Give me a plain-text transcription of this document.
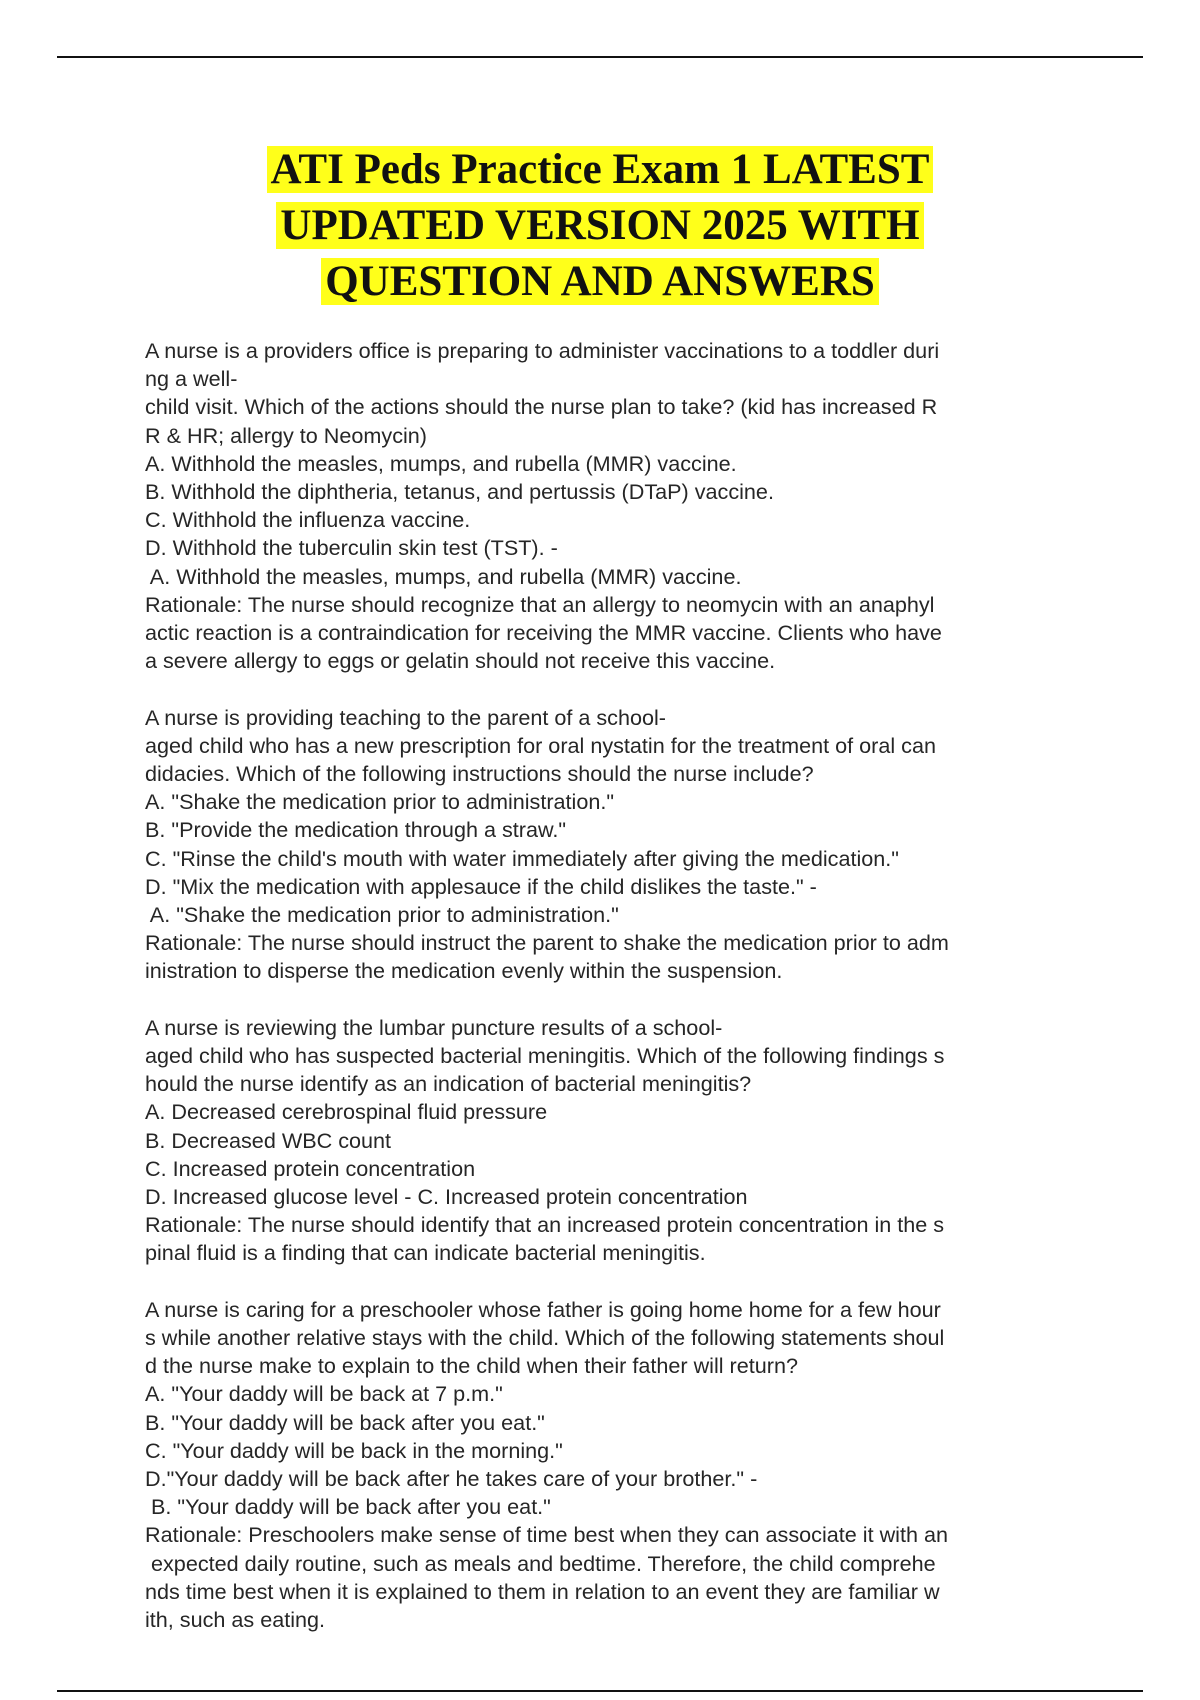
ATI Peds Practice Exam 1 LATEST
UPDATED VERSION 2025 WITH
QUESTION AND ANSWERS

A nurse is a providers office is preparing to administer vaccinations to a toddler duri

ng a well-

child visit. Which of the actions should the nurse plan to take? (kid has increased R

R & HR; allergy to Neomycin)

A. Withhold the measles, mumps, and rubella (MMR) vaccine.

B. Withhold the diphtheria, tetanus, and pertussis (DTaP) vaccine.

C. Withhold the influenza vaccine.

D. Withhold the tuberculin skin test (TST). -

A. Withhold the measles, mumps, and rubella (MMR) vaccine.

Rationale: The nurse should recognize that an allergy to neomycin with an anaphyl

actic reaction is a contraindication for receiving the MMR vaccine. Clients who have

a severe allergy to eggs or gelatin should not receive this vaccine.

A nurse is providing teaching to the parent of a school-

aged child who has a new prescription for oral nystatin for the treatment of oral can

didacies. Which of the following instructions should the nurse include?

A. "Shake the medication prior to administration."

B. "Provide the medication through a straw."

C. "Rinse the child's mouth with water immediately after giving the medication."

D. "Mix the medication with applesauce if the child dislikes the taste." -

A. "Shake the medication prior to administration."

Rationale: The nurse should instruct the parent to shake the medication prior to adm

inistration to disperse the medication evenly within the suspension.

A nurse is reviewing the lumbar puncture results of a school-

aged child who has suspected bacterial meningitis. Which of the following findings s

hould the nurse identify as an indication of bacterial meningitis?

A. Decreased cerebrospinal fluid pressure

B. Decreased WBC count

C. Increased protein concentration

D. Increased glucose level - C. Increased protein concentration

Rationale: The nurse should identify that an increased protein concentration in the s

pinal fluid is a finding that can indicate bacterial meningitis.

A nurse is caring for a preschooler whose father is going home home for a few hour

s while another relative stays with the child. Which of the following statements shoul

d the nurse make to explain to the child when their father will return?

A. "Your daddy will be back at 7 p.m."

B. "Your daddy will be back after you eat."

C. "Your daddy will be back in the morning."

D."Your daddy will be back after he takes care of your brother." -

B. "Your daddy will be back after you eat."

Rationale: Preschoolers make sense of time best when they can associate it with an

expected daily routine, such as meals and bedtime. Therefore, the child comprehe

nds time best when it is explained to them in relation to an event they are familiar w

ith, such as eating.
